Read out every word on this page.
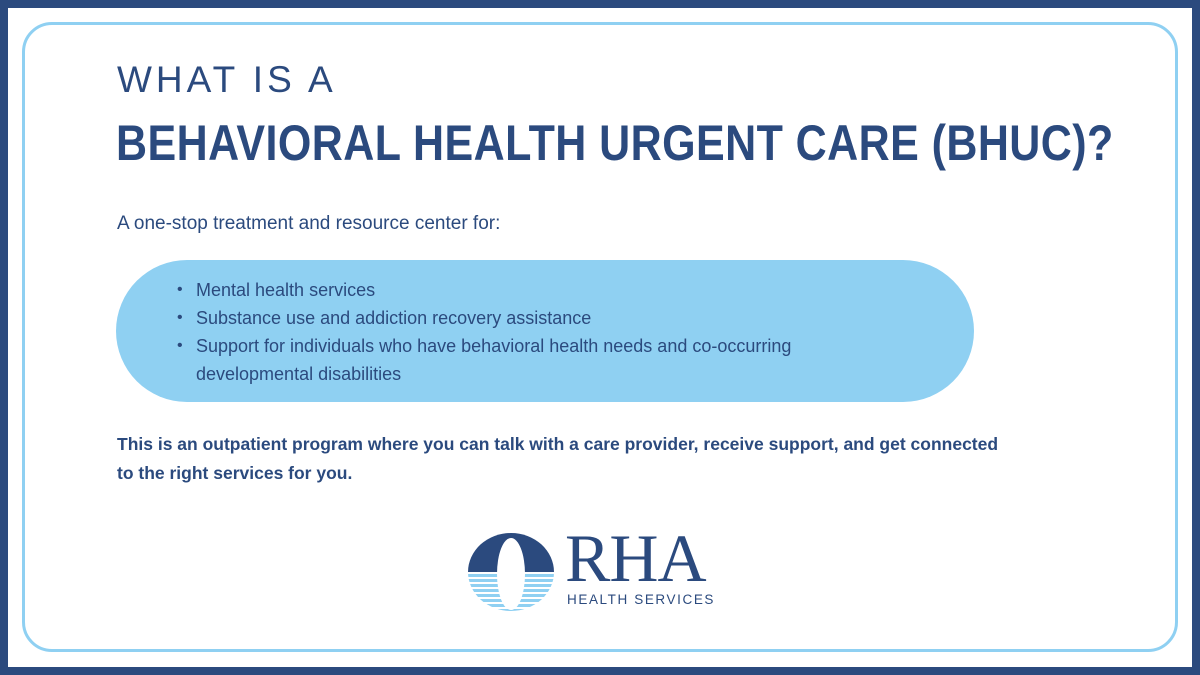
WHAT IS A
BEHAVIORAL HEALTH URGENT CARE (BHUC)?

A one-stop treatment and resource center for:

• Mental health services
• Substance use and addiction recovery assistance
• Support for individuals who have behavioral health needs and co-occurring developmental disabilities

This is an outpatient program where you can talk with a care provider, receive support, and get connected to the right services for you.

RHA
HEALTH SERVICES
